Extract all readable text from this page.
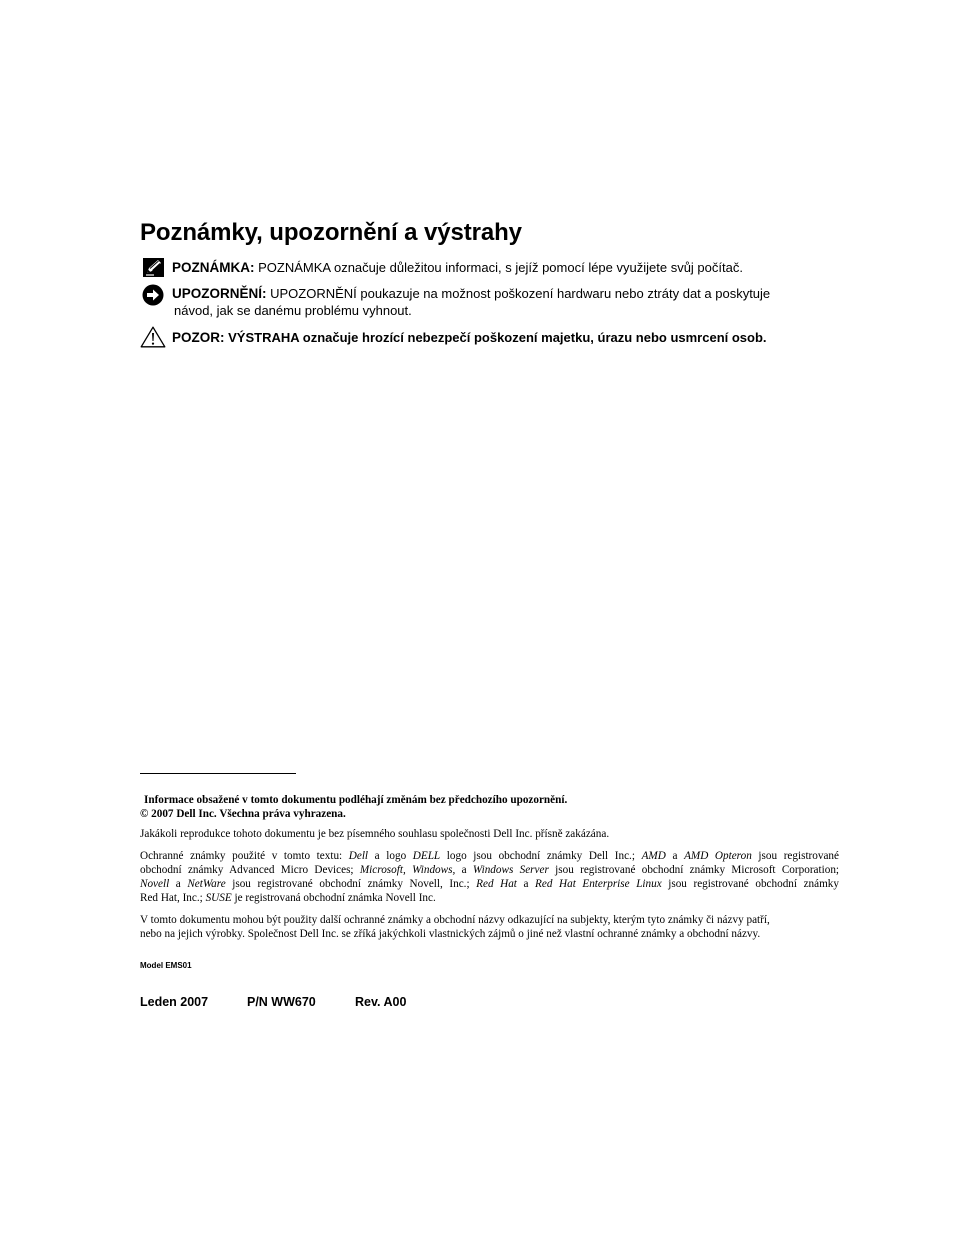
Poznámky, upozornění a výstrahy
POZNÁMKA: POZNÁMKA označuje důležitou informaci, s jejíž pomocí lépe využijete svůj počítač.
UPOZORNĚNÍ: UPOZORNĚNÍ poukazuje na možnost poškození hardwaru nebo ztráty dat a poskytuje
návod, jak se danému problému vyhnout.
POZOR: VÝSTRAHA označuje hrozící nebezpečí poškození majetku, úrazu nebo usmrcení osob.
Informace obsažené v tomto dokumentu podléhají změnám bez předchozího upozornění.
© 2007 Dell Inc. Všechna práva vyhrazena.
Jakákoli reprodukce tohoto dokumentu je bez písemného souhlasu společnosti Dell Inc. přísně zakázána.
Ochranné známky použité v tomto textu: Dell a logo DELL logo jsou obchodní známky Dell Inc.; AMD a AMD Opteron jsou registrované
obchodní známky Advanced Micro Devices; Microsoft, Windows, a Windows Server jsou registrované obchodní známky Microsoft Corporation;
Novell a NetWare jsou registrované obchodní známky Novell, Inc.; Red Hat a Red Hat Enterprise Linux jsou registrované obchodní známky
Red Hat, Inc.; SUSE je registrovaná obchodní známka Novell Inc.
V tomto dokumentu mohou být použity další ochranné známky a obchodní názvy odkazující na subjekty, kterým tyto známky či názvy patří,
nebo na jejich výrobky. Společnost Dell Inc. se zříká jakýchkoli vlastnických zájmů o jiné než vlastní ochranné známky a obchodní názvy.
Model EMS01
Leden 2007	P/N WW670	Rev. A00
